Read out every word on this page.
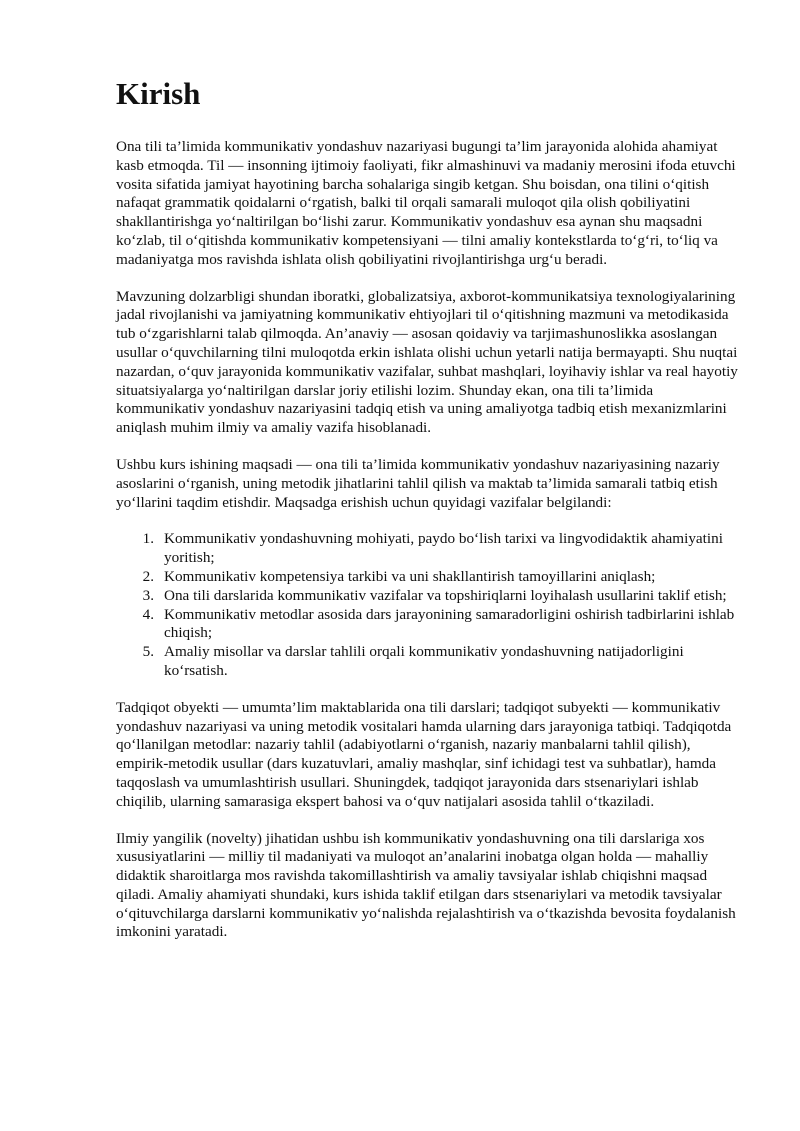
Kirish

Ona tili ta’limida kommunikativ yondashuv nazariyasi bugungi ta’lim jarayonida alohida ahamiyat kasb etmoqda. Til — insonning ijtimoiy faoliyati, fikr almashinuvi va madaniy merosini ifoda etuvchi vosita sifatida jamiyat hayotining barcha sohalariga singib ketgan. Shu boisdan, ona tilini o‘qitish nafaqat grammatik qoidalarni o‘rgatish, balki til orqali samarali muloqot qila olish qobiliyatini shakllantirishga yo‘naltirilgan bo‘lishi zarur. Kommunikativ yondashuv esa aynan shu maqsadni ko‘zlab, til o‘qitishda kommunikativ kompetensiyani — tilni amaliy kontekstlarda to‘g‘ri, to‘liq va madaniyatga mos ravishda ishlata olish qobiliyatini rivojlantirishga urg‘u beradi.

Mavzuning dolzarbligi shundan iboratki, globalizatsiya, axborot-kommunikatsiya texnologiyalarining jadal rivojlanishi va jamiyatning kommunikativ ehtiyojlari til o‘qitishning mazmuni va metodikasida tub o‘zgarishlarni talab qilmoqda. An’anaviy — asosan qoidaviy va tarjimashunoslikka asoslangan usullar o‘quvchilarning tilni muloqotda erkin ishlata olishi uchun yetarli natija bermayapti. Shu nuqtai nazardan, o‘quv jarayonida kommunikativ vazifalar, suhbat mashqlari, loyihaviy ishlar va real hayotiy situatsiyalarga yo‘naltirilgan darslar joriy etilishi lozim. Shunday ekan, ona tili ta’limida kommunikativ yondashuv nazariyasini tadqiq etish va uning amaliyotga tadbiq etish mexanizmlarini aniqlash muhim ilmiy va amaliy vazifa hisoblanadi.

Ushbu kurs ishining maqsadi — ona tili ta’limida kommunikativ yondashuv nazariyasining nazariy asoslarini o‘rganish, uning metodik jihatlarini tahlil qilish va maktab ta’limida samarali tatbiq etish yo‘llarini taqdim etishdir. Maqsadga erishish uchun quyidagi vazifalar belgilandi:

1. Kommunikativ yondashuvning mohiyati, paydo bo‘lish tarixi va lingvodidaktik ahamiyatini yoritish;
2. Kommunikativ kompetensiya tarkibi va uni shakllantirish tamoyillarini aniqlash;
3. Ona tili darslarida kommunikativ vazifalar va topshiriqlarni loyihalash usullarini taklif etish;
4. Kommunikativ metodlar asosida dars jarayonining samaradorligini oshirish tadbirlarini ishlab chiqish;
5. Amaliy misollar va darslar tahlili orqali kommunikativ yondashuvning natijadorligini ko‘rsatish.

Tadqiqot obyekti — umumta’lim maktablarida ona tili darslari; tadqiqot subyekti — kommunikativ yondashuv nazariyasi va uning metodik vositalari hamda ularning dars jarayoniga tatbiqi. Tadqiqotda qo‘llanilgan metodlar: nazariy tahlil (adabiyotlarni o‘rganish, nazariy manbalarni tahlil qilish), empirik-metodik usullar (dars kuzatuvlari, amaliy mashqlar, sinf ichidagi test va suhbatlar), hamda taqqoslash va umumlashtirish usullari. Shuningdek, tadqiqot jarayonida dars stsenariylari ishlab chiqilib, ularning samarasiga ekspert bahosi va o‘quv natijalari asosida tahlil o‘tkaziladi.

Ilmiy yangilik (novelty) jihatidan ushbu ish kommunikativ yondashuvning ona tili darslariga xos xususiyatlarini — milliy til madaniyati va muloqot an’analarini inobatga olgan holda — mahalliy didaktik sharoitlarga mos ravishda takomillashtirish va amaliy tavsiyalar ishlab chiqishni maqsad qiladi. Amaliy ahamiyati shundaki, kurs ishida taklif etilgan dars stsenariylari va metodik tavsiyalar o‘qituvchilarga darslarni kommunikativ yo‘nalishda rejalashtirish va o‘tkazishda bevosita foydalanish imkonini yaratadi.
